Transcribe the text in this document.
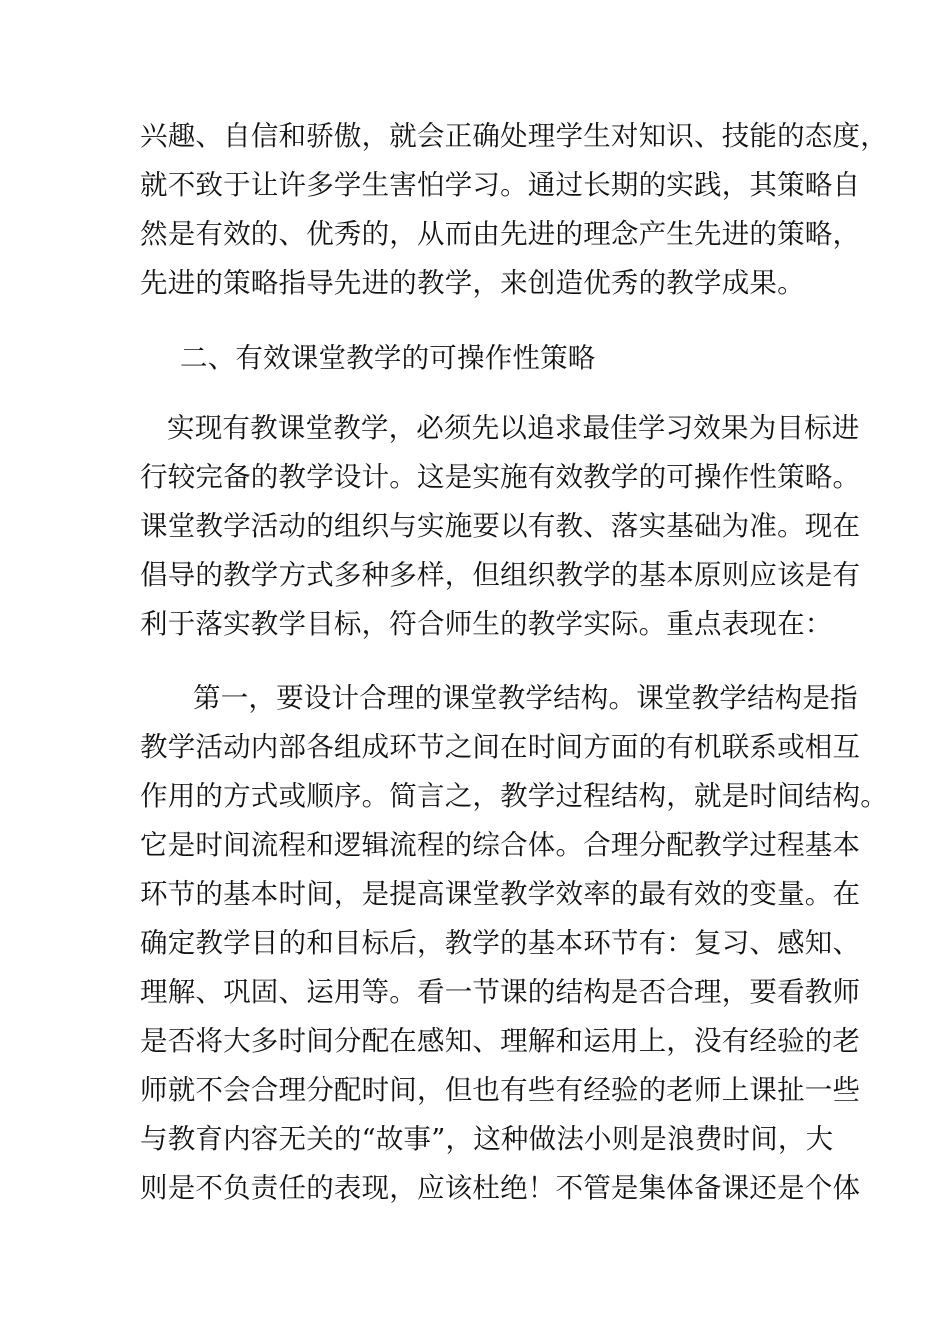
兴趣、自信和骄傲，就会正确处理学生对知识、技能的态度，
就不致于让许多学生害怕学习。通过长期的实践，其策略自
然是有效的、优秀的，从而由先进的理念产生先进的策略，
先进的策略指导先进的教学，来创造优秀的教学成果。
二、有效课堂教学的可操作性策略
实现有教课堂教学，必须先以追求最佳学习效果为目标进
行较完备的教学设计。这是实施有效教学的可操作性策略。
课堂教学活动的组织与实施要以有教、落实基础为准。现在
倡导的教学方式多种多样，但组织教学的基本原则应该是有
利于落实教学目标，符合师生的教学实际。重点表现在：
第一，要设计合理的课堂教学结构。课堂教学结构是指
教学活动内部各组成环节之间在时间方面的有机联系或相互
作用的方式或顺序。简言之，教学过程结构，就是时间结构。
它是时间流程和逻辑流程的综合体。合理分配教学过程基本
环节的基本时间，是提高课堂教学效率的最有效的变量。在
确定教学目的和目标后，教学的基本环节有：复习、感知、
理解、巩固、运用等。看一节课的结构是否合理，要看教师
是否将大多时间分配在感知、理解和运用上，没有经验的老
师就不会合理分配时间，但也有些有经验的老师上课扯一些
与教育内容无关的“故事”，这种做法小则是浪费时间，大
则是不负责任的表现，应该杜绝！不管是集体备课还是个体
